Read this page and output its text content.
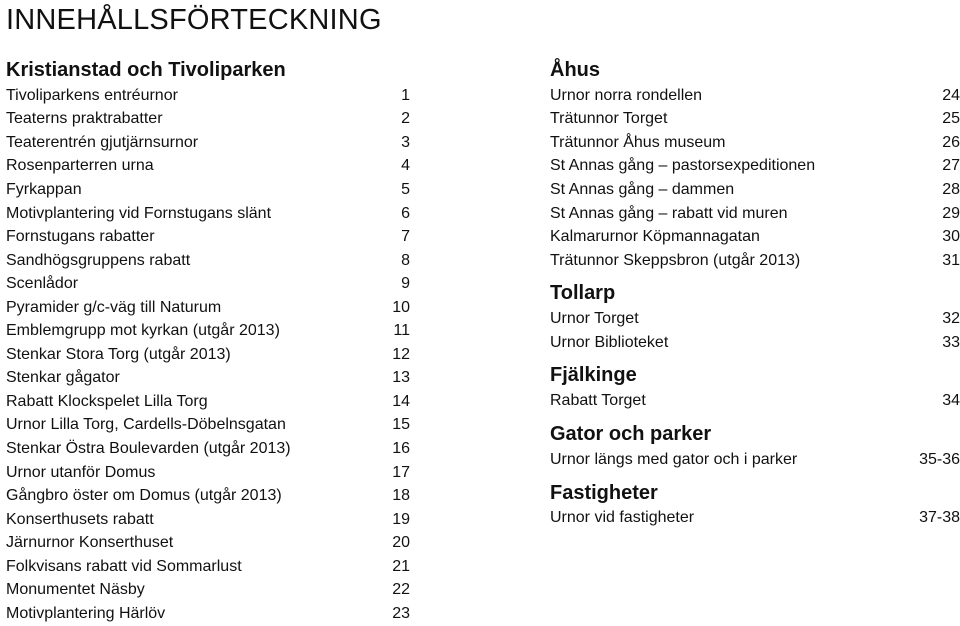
INNEHÅLLSFÖRTECKNING
Kristianstad och Tivoliparken
Tivoliparkens entréurnor	1
Teaterns praktrabatter	2
Teaterentrén gjutjärnsurnor	3
Rosenparterren urna	4
Fyrkappan	5
Motivplantering vid Fornstugans slänt	6
Fornstugans rabatter	7
Sandhögsgruppens rabatt	8
Scenlådor	9
Pyramider g/c-väg till Naturum	10
Emblemgrupp mot kyrkan (utgår 2013)	11
Stenkar Stora Torg (utgår 2013)	12
Stenkar gågator	13
Rabatt Klockspelet Lilla Torg	14
Urnor Lilla Torg, Cardells-Döbelnsgatan	15
Stenkar Östra Boulevarden (utgår 2013)	16
Urnor utanför Domus	17
Gångbro öster om Domus (utgår 2013)	18
Konserthusets rabatt	19
Järnurnor Konserthuset	20
Folkvisans rabatt vid Sommarlust	21
Monumentet Näsby	22
Motivplantering Härlöv	23
Åhus
Urnor norra rondellen	24
Trätunnor Torget	25
Trätunnor Åhus museum	26
St Annas gång – pastorsexpeditionen	27
St Annas gång – dammen	28
St Annas gång – rabatt vid muren	29
Kalmarurnor Köpmannagatan	30
Trätunnor Skeppsbron (utgår 2013)	31
Tollarp
Urnor Torget	32
Urnor Biblioteket	33
Fjälkinge
Rabatt Torget	34
Gator och parker
Urnor längs med gator och i parker	35-36
Fastigheter
Urnor vid fastigheter	37-38
